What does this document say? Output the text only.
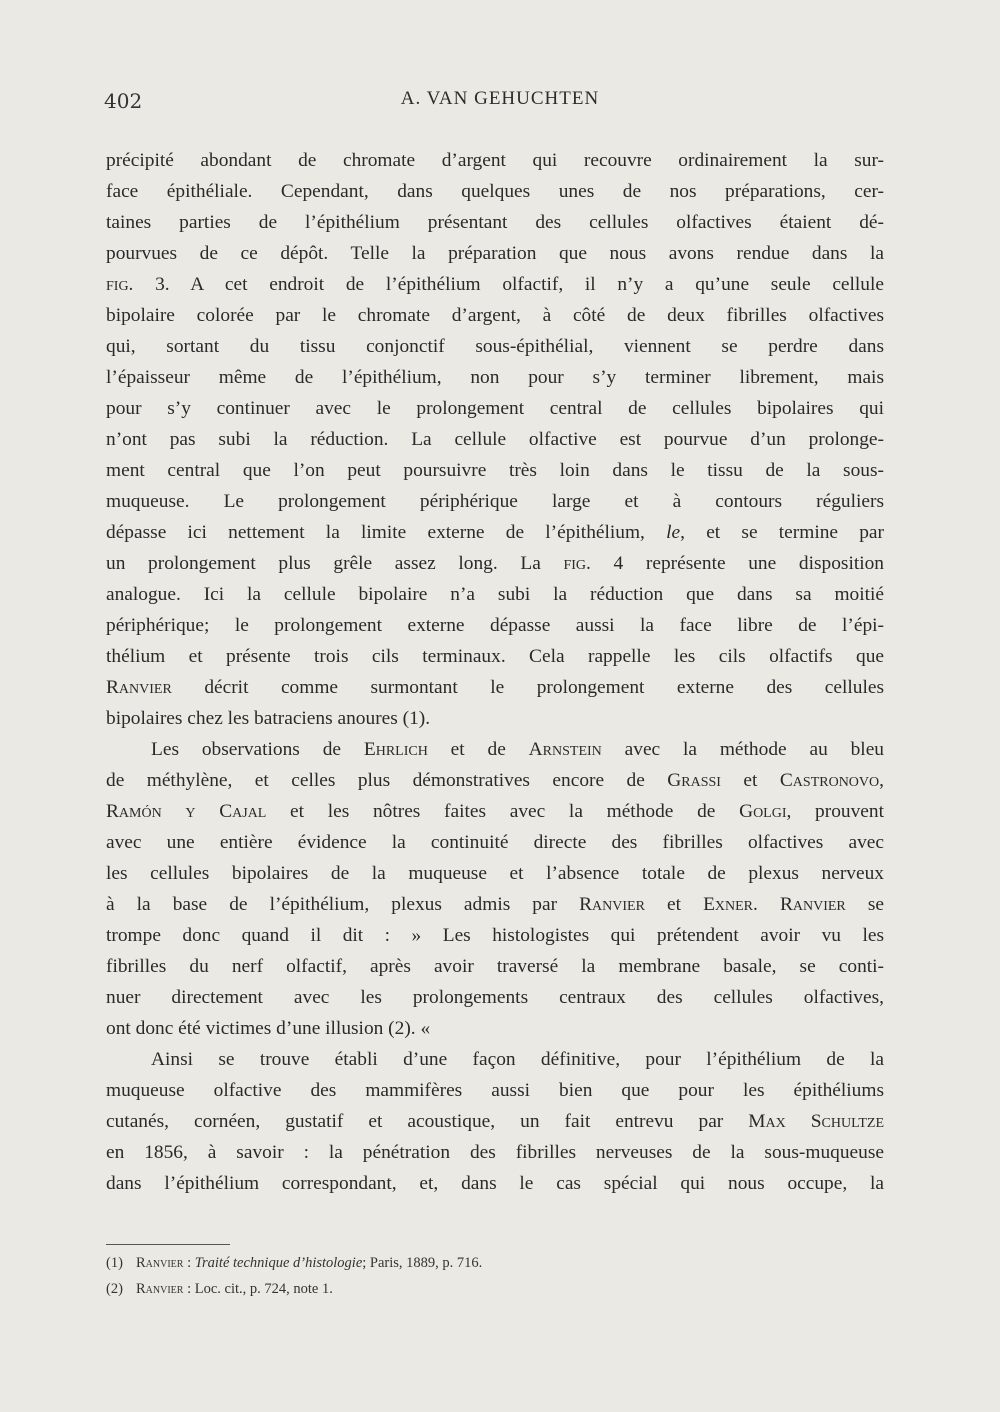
402	A. VAN GEHUCHTEN
précipité abondant de chromate d’argent qui recouvre ordinairement la sur-
face épithéliale. Cependant, dans quelques unes de nos préparations, cer-
taines parties de l’épithélium présentant des cellules olfactives étaient dé-
pourvues de ce dépôt. Telle la préparation que nous avons rendue dans la
fig. 3. A cet endroit de l’épithélium olfactif, il n’y a qu’une seule cellule
bipolaire colorée par le chromate d’argent, à côté de deux fibrilles olfactives
qui, sortant du tissu conjonctif sous-épithélial, viennent se perdre dans
l’épaisseur même de l’épithélium, non pour s’y terminer librement, mais
pour s’y continuer avec le prolongement central de cellules bipolaires qui
n’ont pas subi la réduction. La cellule olfactive est pourvue d’un prolonge-
ment central que l’on peut poursuivre très loin dans le tissu de la sous-
muqueuse. Le prolongement périphérique large et à contours réguliers
dépasse ici nettement la limite externe de l’épithélium, le, et se termine par
un prolongement plus grêle assez long. La fig. 4 représente une disposition
analogue. Ici la cellule bipolaire n’a subi la réduction que dans sa moitié
périphérique; le prolongement externe dépasse aussi la face libre de l’épi-
thélium et présente trois cils terminaux. Cela rappelle les cils olfactifs que
Ranvier décrit comme surmontant le prolongement externe des cellules
bipolaires chez les batraciens anoures (1).
Les observations de Ehrlich et de Arnstein avec la méthode au bleu
de méthylène, et celles plus démonstratives encore de Grassi et Castronovo,
Ramón y Cajal et les nôtres faites avec la méthode de Golgi, prouvent
avec une entière évidence la continuité directe des fibrilles olfactives avec
les cellules bipolaires de la muqueuse et l’absence totale de plexus nerveux
à la base de l’épithélium, plexus admis par Ranvier et Exner. Ranvier se
trompe donc quand il dit : » Les histologistes qui prétendent avoir vu les
fibrilles du nerf olfactif, après avoir traversé la membrane basale, se conti-
nuer directement avec les prolongements centraux des cellules olfactives,
ont donc été victimes d’une illusion (2). «
Ainsi se trouve établi d’une façon définitive, pour l’épithélium de la
muqueuse olfactive des mammifères aussi bien que pour les épithéliums
cutanés, cornéen, gustatif et acoustique, un fait entrevu par Max Schultze
en 1856, à savoir : la pénétration des fibrilles nerveuses de la sous-muqueuse
dans l’épithélium correspondant, et, dans le cas spécial qui nous occupe, la
(1) Ranvier : Traité technique d’histologie; Paris, 1889, p. 716.
(2) Ranvier : Loc. cit., p. 724, note 1.
